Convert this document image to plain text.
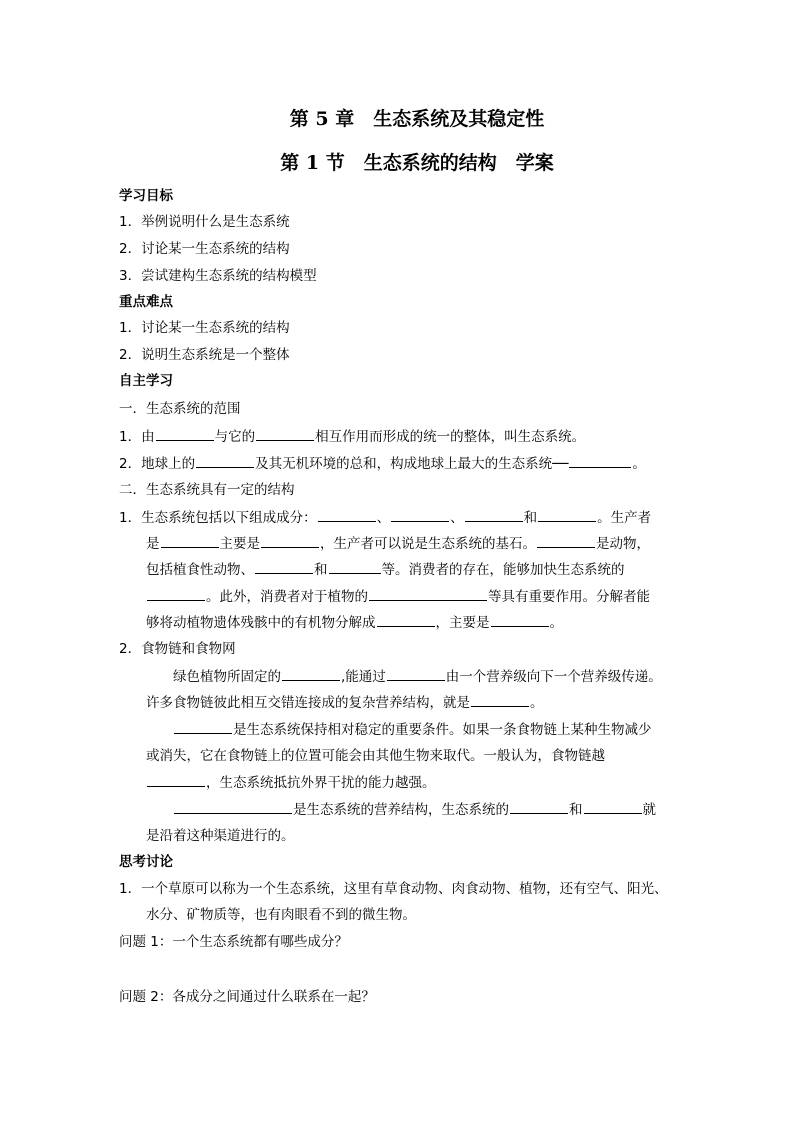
第 5 章　生态系统及其稳定性
第 1 节　生态系统的结构　学案
学习目标
1．举例说明什么是生态系统
2．讨论某一生态系统的结构
3．尝试建构生态系统的结构模型
重点难点
1．讨论某一生态系统的结构
2．说明生态系统是一个整体
自主学习
一．生态系统的范围
1．由	与它的	相互作用而形成的统一的整体，叫生态系统。
2．地球上的	及其无机环境的总和，构成地球上最大的生态系统──	。
二．生态系统具有一定的结构
1．生态系统包括以下组成成分：	、	、	和	。生产者
是	主要是	，生产者可以说是生态系统的基石。	是动物，
包括植食性动物、	和	等。消费者的存在，能够加快生态系统的
。此外，消费者对于植物的	等具有重要作用。分解者能
够将动植物遗体残骸中的有机物分解成	，主要是	。
2．食物链和食物网
绿色植物所固定的	,能通过	由一个营养级向下一个营养级传递。
许多食物链彼此相互交错连接成的复杂营养结构，就是	。
是生态系统保持相对稳定的重要条件。如果一条食物链上某种生物减少
或消失，它在食物链上的位置可能会由其他生物来取代。一般认为，食物链越
，生态系统抵抗外界干扰的能力越强。
是生态系统的营养结构，生态系统的	和	就
是沿着这种渠道进行的。
思考讨论
1．一个草原可以称为一个生态系统，这里有草食动物、肉食动物、植物，还有空气、阳光、
水分、矿物质等，也有肉眼看不到的微生物。
问题 1：一个生态系统都有哪些成分？
问题 2：各成分之间通过什么联系在一起？
